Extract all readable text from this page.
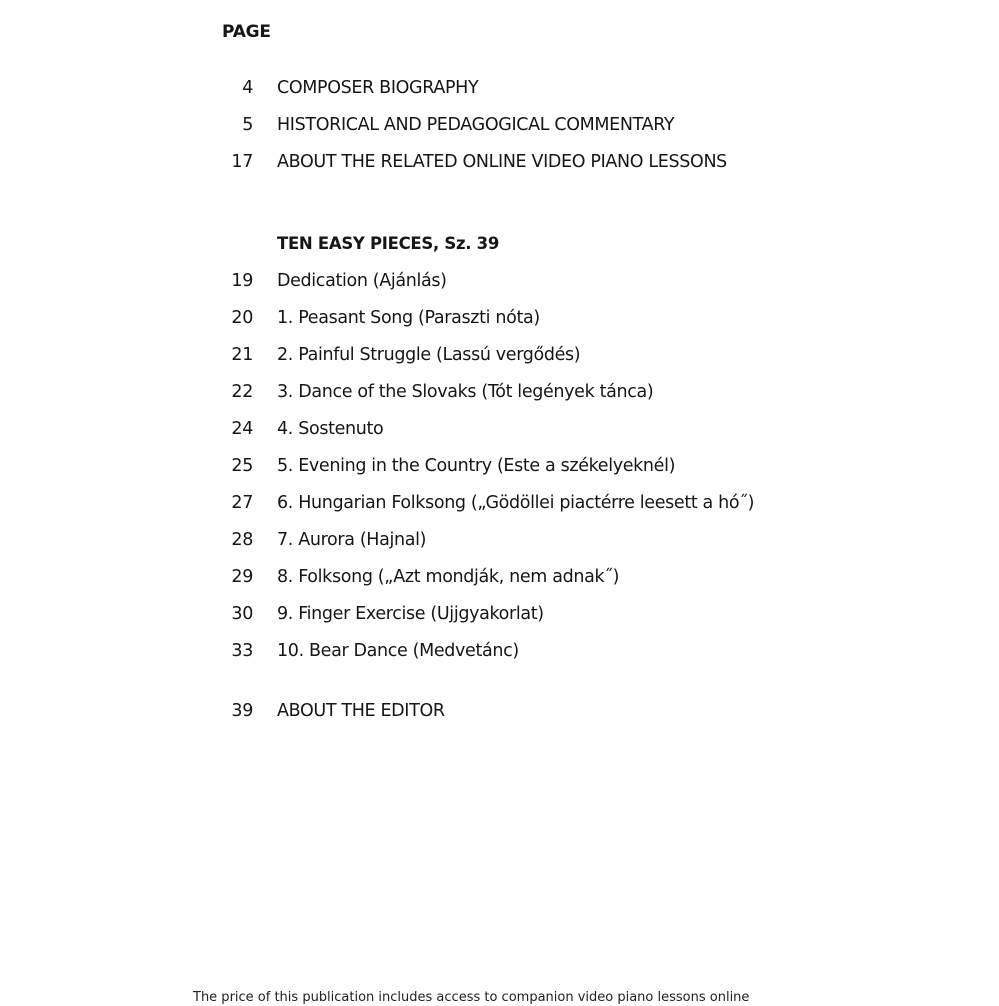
PAGE
4 COMPOSER BIOGRAPHY
5 HISTORICAL AND PEDAGOGICAL COMMENTARY
17 ABOUT THE RELATED ONLINE VIDEO PIANO LESSONS
TEN EASY PIECES, Sz. 39
19 Dedication (Ajánlás)
20 1. Peasant Song (Paraszti nóta)
21 2. Painful Struggle (Lassú vergődés)
22 3. Dance of the Slovaks (Tót legények tánca)
24 4. Sostenuto
25 5. Evening in the Country (Este a székelyeknél)
27 6. Hungarian Folksong („Gödöllei piactérre leesett a hó˝)
28 7. Aurora (Hajnal)
29 8. Folksong („Azt mondják, nem adnak˝)
30 9. Finger Exercise (Ujjgyakorlat)
33 10. Bear Dance (Medvetánc)
39 ABOUT THE EDITOR
The price of this publication includes access to companion video piano lessons online
